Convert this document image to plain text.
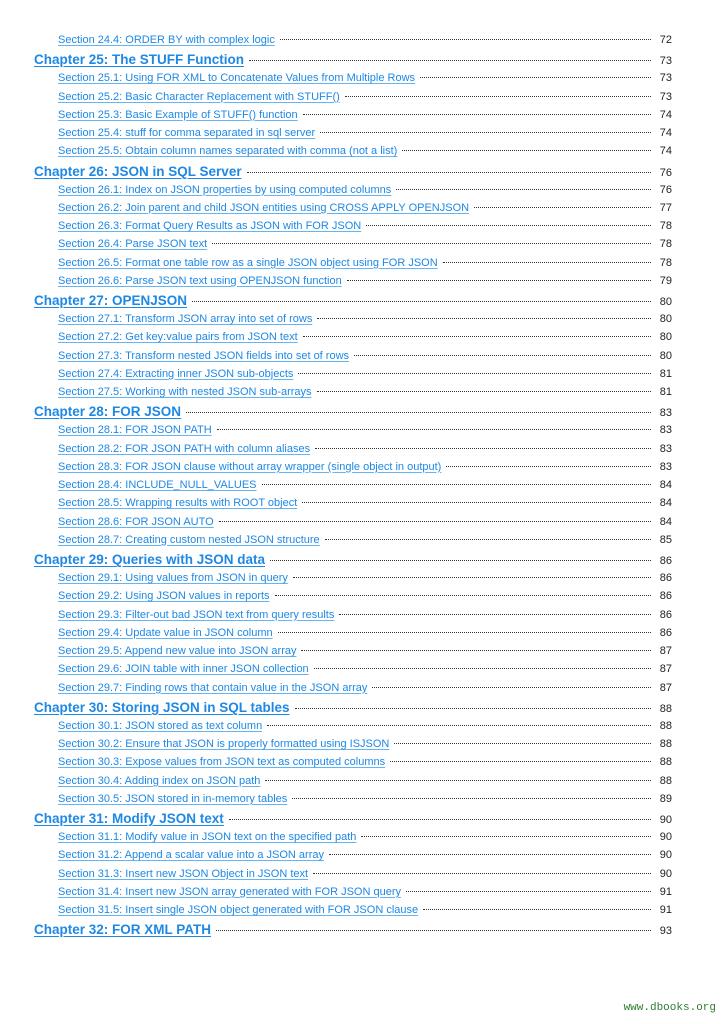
Section 24.4: ORDER BY with complex logic	72
Chapter 25: The STUFF Function	73
Section 25.1: Using FOR XML to Concatenate Values from Multiple Rows	73
Section 25.2: Basic Character Replacement with STUFF()	73
Section 25.3: Basic Example of STUFF() function	74
Section 25.4: stuff for comma separated in sql server	74
Section 25.5: Obtain column names separated with comma (not a list)	74
Chapter 26: JSON in SQL Server	76
Section 26.1: Index on JSON properties by using computed columns	76
Section 26.2: Join parent and child JSON entities using CROSS APPLY OPENJSON	77
Section 26.3: Format Query Results as JSON with FOR JSON	78
Section 26.4: Parse JSON text	78
Section 26.5: Format one table row as a single JSON object using FOR JSON	78
Section 26.6: Parse JSON text using OPENJSON function	79
Chapter 27: OPENJSON	80
Section 27.1: Transform JSON array into set of rows	80
Section 27.2: Get key:value pairs from JSON text	80
Section 27.3: Transform nested JSON fields into set of rows	80
Section 27.4: Extracting inner JSON sub-objects	81
Section 27.5: Working with nested JSON sub-arrays	81
Chapter 28: FOR JSON	83
Section 28.1: FOR JSON PATH	83
Section 28.2: FOR JSON PATH with column aliases	83
Section 28.3: FOR JSON clause without array wrapper (single object in output)	83
Section 28.4: INCLUDE_NULL_VALUES	84
Section 28.5: Wrapping results with ROOT object	84
Section 28.6: FOR JSON AUTO	84
Section 28.7: Creating custom nested JSON structure	85
Chapter 29: Queries with JSON data	86
Section 29.1: Using values from JSON in query	86
Section 29.2: Using JSON values in reports	86
Section 29.3: Filter-out bad JSON text from query results	86
Section 29.4: Update value in JSON column	86
Section 29.5: Append new value into JSON array	87
Section 29.6: JOIN table with inner JSON collection	87
Section 29.7: Finding rows that contain value in the JSON array	87
Chapter 30: Storing JSON in SQL tables	88
Section 30.1: JSON stored as text column	88
Section 30.2: Ensure that JSON is properly formatted using ISJSON	88
Section 30.3: Expose values from JSON text as computed columns	88
Section 30.4: Adding index on JSON path	88
Section 30.5: JSON stored in in-memory tables	89
Chapter 31: Modify JSON text	90
Section 31.1: Modify value in JSON text on the specified path	90
Section 31.2: Append a scalar value into a JSON array	90
Section 31.3: Insert new JSON Object in JSON text	90
Section 31.4: Insert new JSON array generated with FOR JSON query	91
Section 31.5: Insert single JSON object generated with FOR JSON clause	91
Chapter 32: FOR XML PATH	93
www.dbooks.org
